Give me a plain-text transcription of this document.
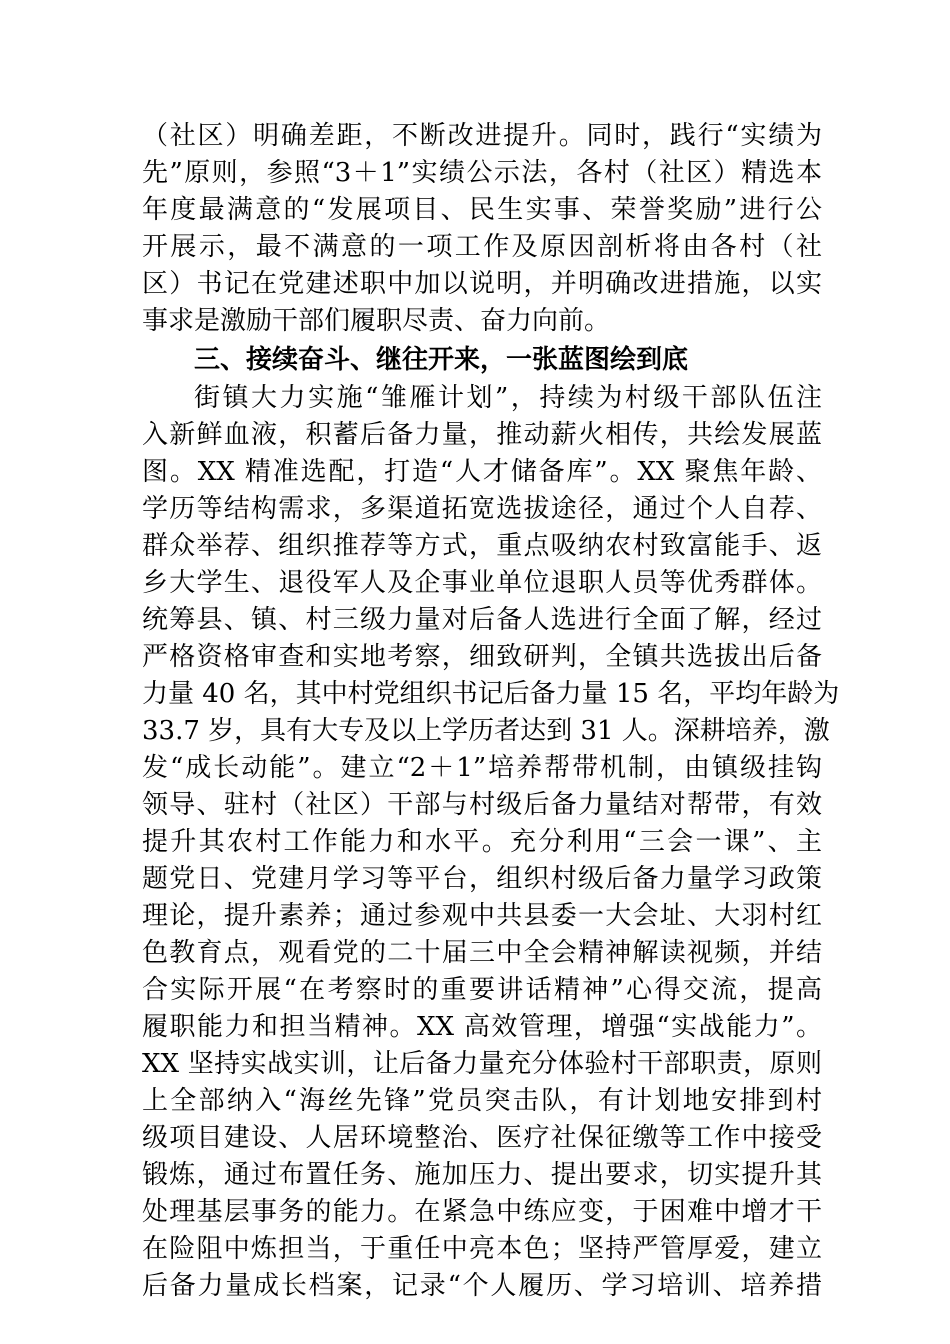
（社区）明确差距，不断改进提升。同时，践行“实绩为
先”原则，参照“3＋1”实绩公示法，各村（社区）精选本
年度最满意的“发展项目、民生实事、荣誉奖励”进行公
开展示，最不满意的一项工作及原因剖析将由各村（社
区）书记在党建述职中加以说明，并明确改进措施，以实
事求是激励干部们履职尽责、奋力向前。
三、接续奋斗、继往开来，一张蓝图绘到底
街镇大力实施“雏雁计划”，持续为村级干部队伍注
入新鲜血液，积蓄后备力量，推动薪火相传，共绘发展蓝
图。XX 精准选配，打造“人才储备库”。XX 聚焦年龄、
学历等结构需求，多渠道拓宽选拔途径，通过个人自荐、
群众举荐、组织推荐等方式，重点吸纳农村致富能手、返
乡大学生、退役军人及企事业单位退职人员等优秀群体。
统筹县、镇、村三级力量对后备人选进行全面了解，经过
严格资格审查和实地考察，细致研判，全镇共选拔出后备
力量 40 名，其中村党组织书记后备力量 15 名，平均年龄为
33.7 岁，具有大专及以上学历者达到 31 人。深耕培养，激
发“成长动能”。建立“2＋1”培养帮带机制，由镇级挂钩
领导、驻村（社区）干部与村级后备力量结对帮带，有效
提升其农村工作能力和水平。充分利用“三会一课”、主
题党日、党建月学习等平台，组织村级后备力量学习政策
理论，提升素养；通过参观中共县委一大会址、大羽村红
色教育点，观看党的二十届三中全会精神解读视频，并结
合实际开展“在考察时的重要讲话精神”心得交流，提高
履职能力和担当精神。XX 高效管理，增强“实战能力”。
XX 坚持实战实训，让后备力量充分体验村干部职责，原则
上全部纳入“海丝先锋”党员突击队，有计划地安排到村
级项目建设、人居环境整治、医疗社保征缴等工作中接受
锻炼，通过布置任务、施加压力、提出要求，切实提升其
处理基层事务的能力。在紧急中练应变，于困难中增才干
在险阻中炼担当，于重任中亮本色；坚持严管厚爱，建立
后备力量成长档案，记录“个人履历、学习培训、培养措
